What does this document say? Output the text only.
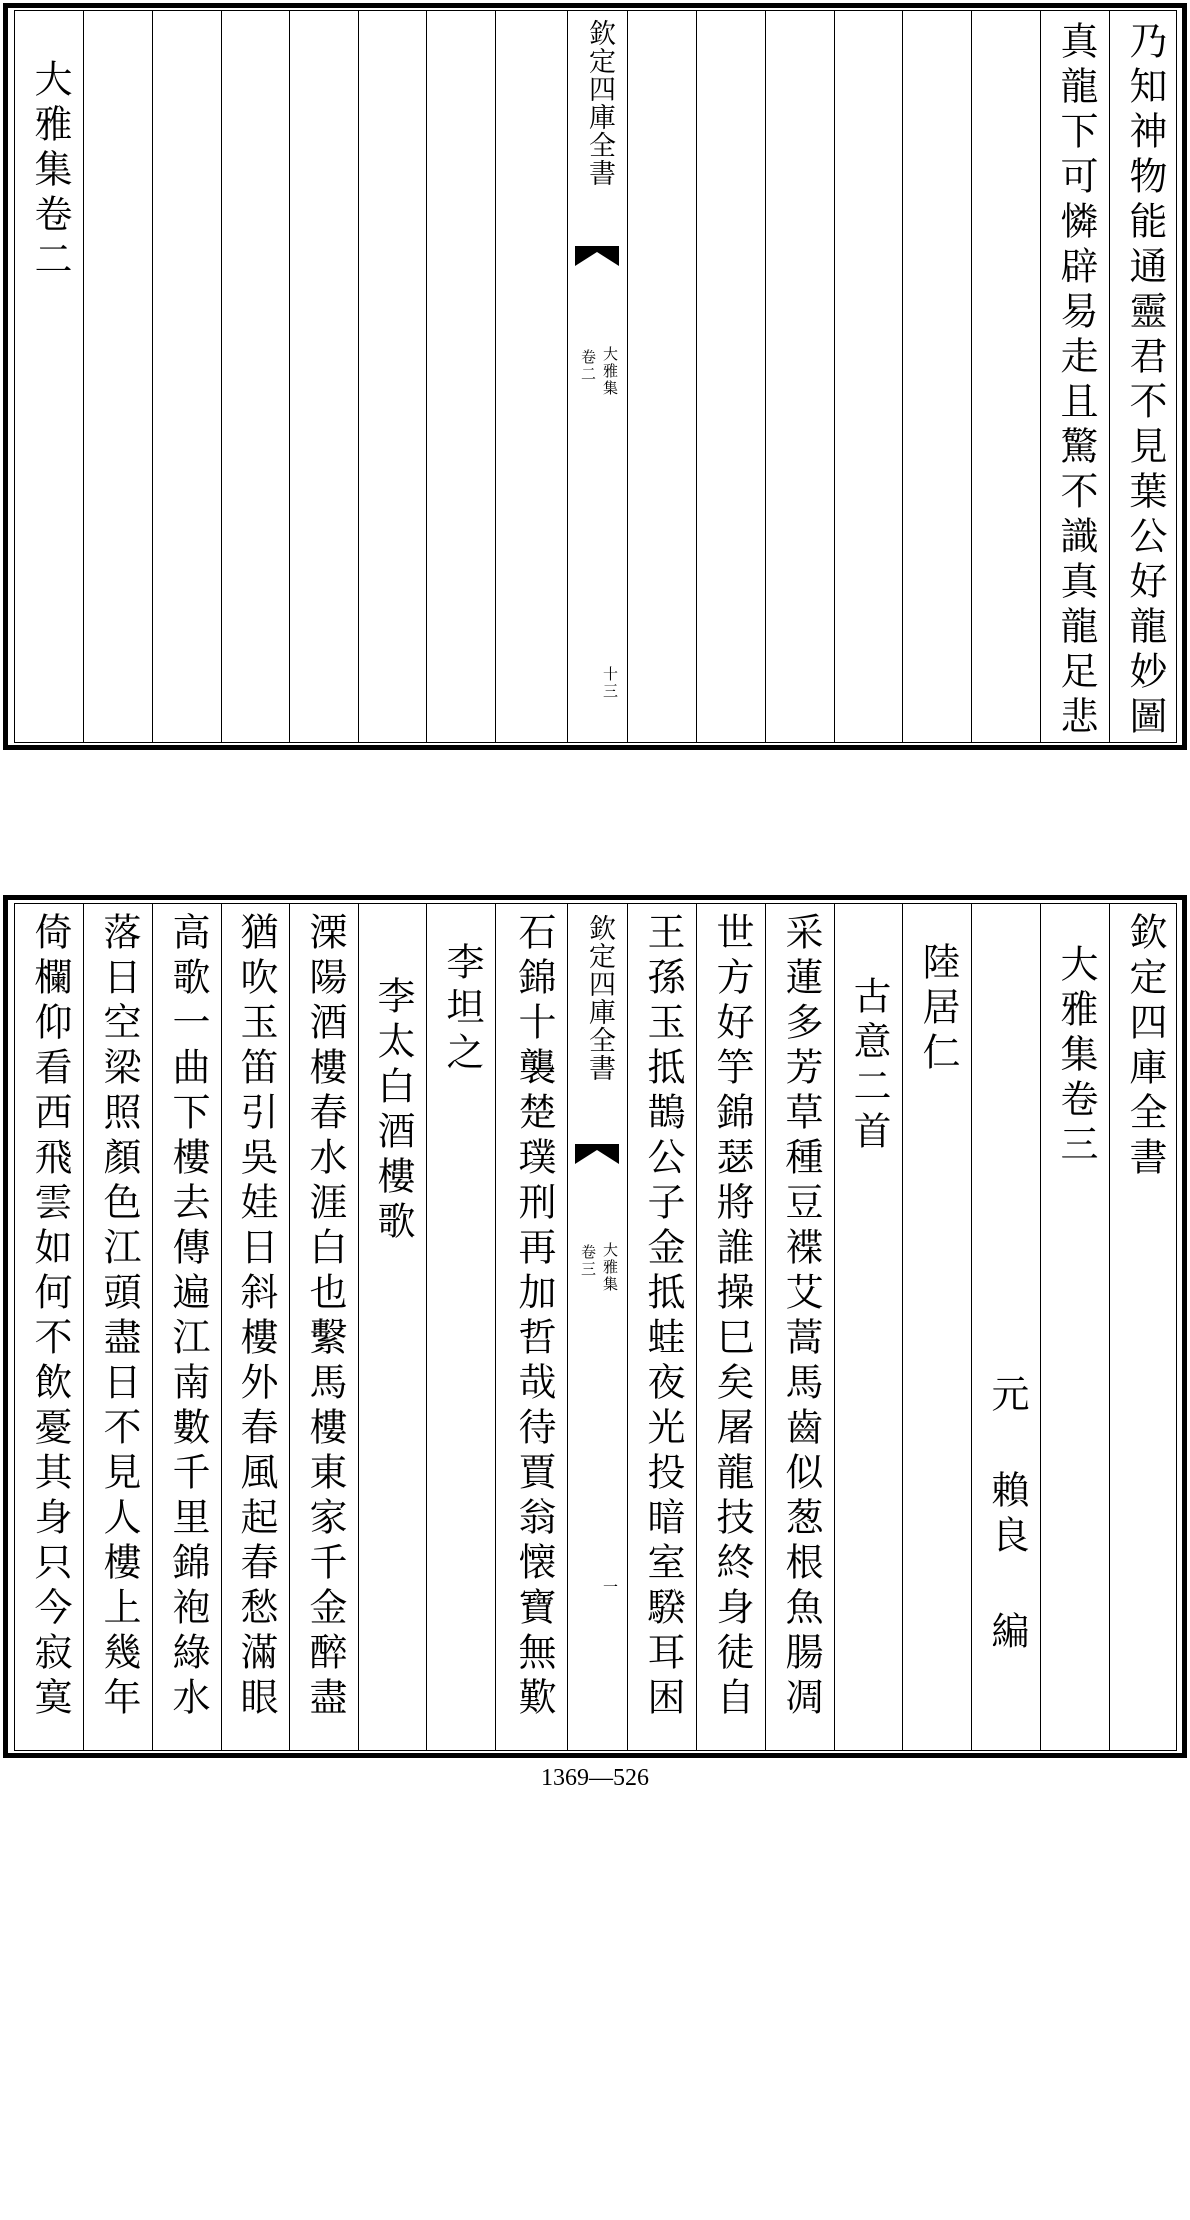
乃知神物能通靈君不見葉公好龍妙圖
真龍下可憐辟易走且驚不識真龍足悲
欽定四庫全書
大雅集
卷二
十三
大雅集卷二
欽定四庫全書
大雅集卷三
元 賴良 編
陸居仁
古意二首
采蓮多芳草種豆褋艾蒿馬齒似葱根魚腸凋
世方好竽錦瑟將誰操巳矣屠龍技終身徒自
王孫玉抵鵲公子金抵蛙夜光投暗室騤耳困
欽定四庫全書
大雅集
卷三
一
石錦十襲楚璞刑再加哲哉待賈翁懐寶無歎
李坦之
李太白酒樓歌
溧陽酒樓春水涯白也繫馬樓東家千金醉盡
猶吹玉笛引吳娃日斜樓外春風起春愁滿眼
高歌一曲下樓去傳遍江南數千里錦袍綠水
落日空梁照顏色江頭盡日不見人樓上幾年
倚欄仰看西飛雲如何不飲憂其身只今寂寞
1369—526
